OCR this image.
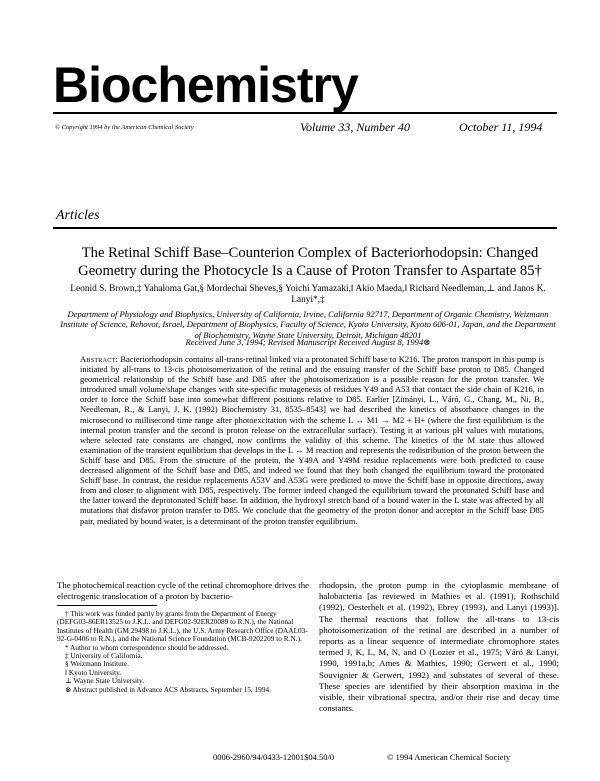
Biochemistry
© Copyright 1994 by the American Chemical Society	Volume 33, Number 40	October 11, 1994
Articles
The Retinal Schiff Base–Counterion Complex of Bacteriorhodopsin: Changed Geometry during the Photocycle Is a Cause of Proton Transfer to Aspartate 85†
Leonid S. Brown,‡ Yahaloma Gat,§ Mordechai Sheves,§ Yoichi Yamazaki,‖ Akio Maeda,‖ Richard Needleman,⊥ and Janos K. Lanyi*,‡
Department of Physiology and Biophysics, University of California, Irvine, California 92717, Department of Organic Chemistry, Weizmann Institute of Science, Rehovot, Israel, Department of Biophysics, Faculty of Science, Kyoto University, Kyoto 606-01, Japan, and the Department of Biochemistry, Wayne State University, Detroit, Michigan 48201
Received June 3, 1994; Revised Manuscript Received August 8, 1994⊗
Abstract: Bacteriorhodopsin contains all-trans-retinal linked via a protonated Schiff base to K216. The proton transport in this pump is initiated by all-trans to 13-cis photoisomerization of the retinal and the ensuing transfer of the Schiff base proton to D85. Changed geometrical relationship of the Schiff base and D85 after the photoisomerization is a possible reason for the proton transfer. We introduced small volume/shape changes with site-specific mutagenesis of residues Y49 and A53 that contact the side chain of K216, in order to force the Schiff base into somewhat different positions relative to D85. Earlier [Zimányi, L., Váró, G., Chang, M., Ni, B., Needleman, R., & Lanyi, J. K. (1992) Biochemistry 31, 8535–8543] we had described the kinetics of absorbance changes in the microsecond to millisecond time range after photoexcitation with the scheme L ↔ M1 → M2 + H+ (where the first equilibrium is the internal proton transfer and the second is proton release on the extracellular surface). Testing it at various pH values with mutations, where selected rate constants are changed, now confirms the validity of this scheme. The kinetics of the M state thus allowed examination of the transient equilibrium that develops in the L ↔ M reaction and represents the redistribution of the proton between the Schiff base and D85. From the structure of the protein, the Y49A and Y49M residue replacements were both predicted to cause decreased alignment of the Schiff base and D85, and indeed we found that they both changed the equilibrium toward the protonated Schiff base. In contrast, the residue replacements A53V and A53G were predicted to move the Schiff base in opposite directions, away from and closer to alignment with D85, respectively. The former indeed changed the equilibrium toward the protonated Schiff base and the latter toward the deprotonated Schiff base. In addition, the hydroxyl stretch band of a bound water in the L state was affected by all mutations that disfavor proton transfer to D85. We conclude that the geometry of the proton donor and acceptor in the Schiff base D85 pair, mediated by bound water, is a determinant of the proton transfer equilibrium.
The photochemical reaction cycle of the retinal chromophore drives the electrogenic translocation of a proton by bacterio-
† This work was funded partly by grants from the Department of Energy (DEFG03-86ER13525 to J.K.L. and DEFG02-92ER20089 to R.N.), the National Institutes of Health (GM 29498 to J.K.L.), the U.S. Army Research Office (DAAL03-92-G-0406 to R.N.), and the National Science Foundation (MCB-9202209 to R.N.).
* Author to whom correspondence should be addressed.
‡ University of California.
§ Weizmann Institute.
‖ Kyoto University.
⊥ Wayne State University.
⊗ Abstract published in Advance ACS Abstracts, September 15, 1994.
rhodopsin, the proton pump in the cytoplasmic membrane of halobacteria [as reviewed in Mathies et al. (1991), Rothschild (1992), Oesterhelt et al. (1992), Ebrey (1993), and Lanyi (1993)]. The thermal reactions that follow the all-trans to 13-cis photoisomerization of the retinal are described in a number of reports as a linear sequence of intermediate chromophore states termed J, K, L, M, N, and O (Lozier et al., 1975; Váró & Lanyi, 1990, 1991a,b; Ames & Mathies, 1990; Gerwert et al., 1990; Souvignier & Gerwert, 1992) and substates of several of these. These species are identified by their absorption maxima in the visible, their vibrational spectra, and/or their rise and decay time constants.
0006-2960/94/0433-12001$04.50/0	© 1994 American Chemical Society
